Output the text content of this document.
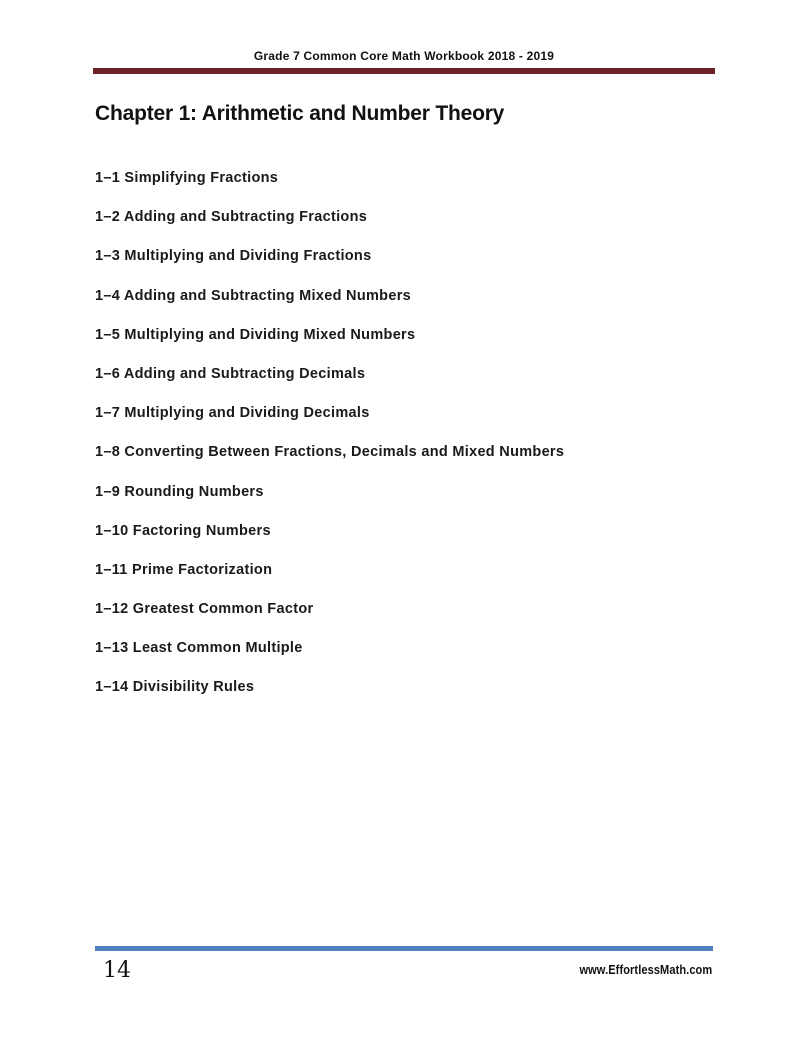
Grade 7 Common Core Math Workbook 2018 - 2019
Chapter 1: Arithmetic and Number Theory
1–1 Simplifying Fractions
1–2 Adding and Subtracting Fractions
1–3 Multiplying and Dividing Fractions
1–4 Adding and Subtracting Mixed Numbers
1–5 Multiplying and Dividing Mixed Numbers
1–6 Adding and Subtracting Decimals
1–7 Multiplying and Dividing Decimals
1–8 Converting Between Fractions, Decimals and Mixed Numbers
1–9 Rounding Numbers
1–10 Factoring Numbers
1–11 Prime Factorization
1–12 Greatest Common Factor
1–13 Least Common Multiple
1–14 Divisibility Rules
14	www.EffortlessMath.com
